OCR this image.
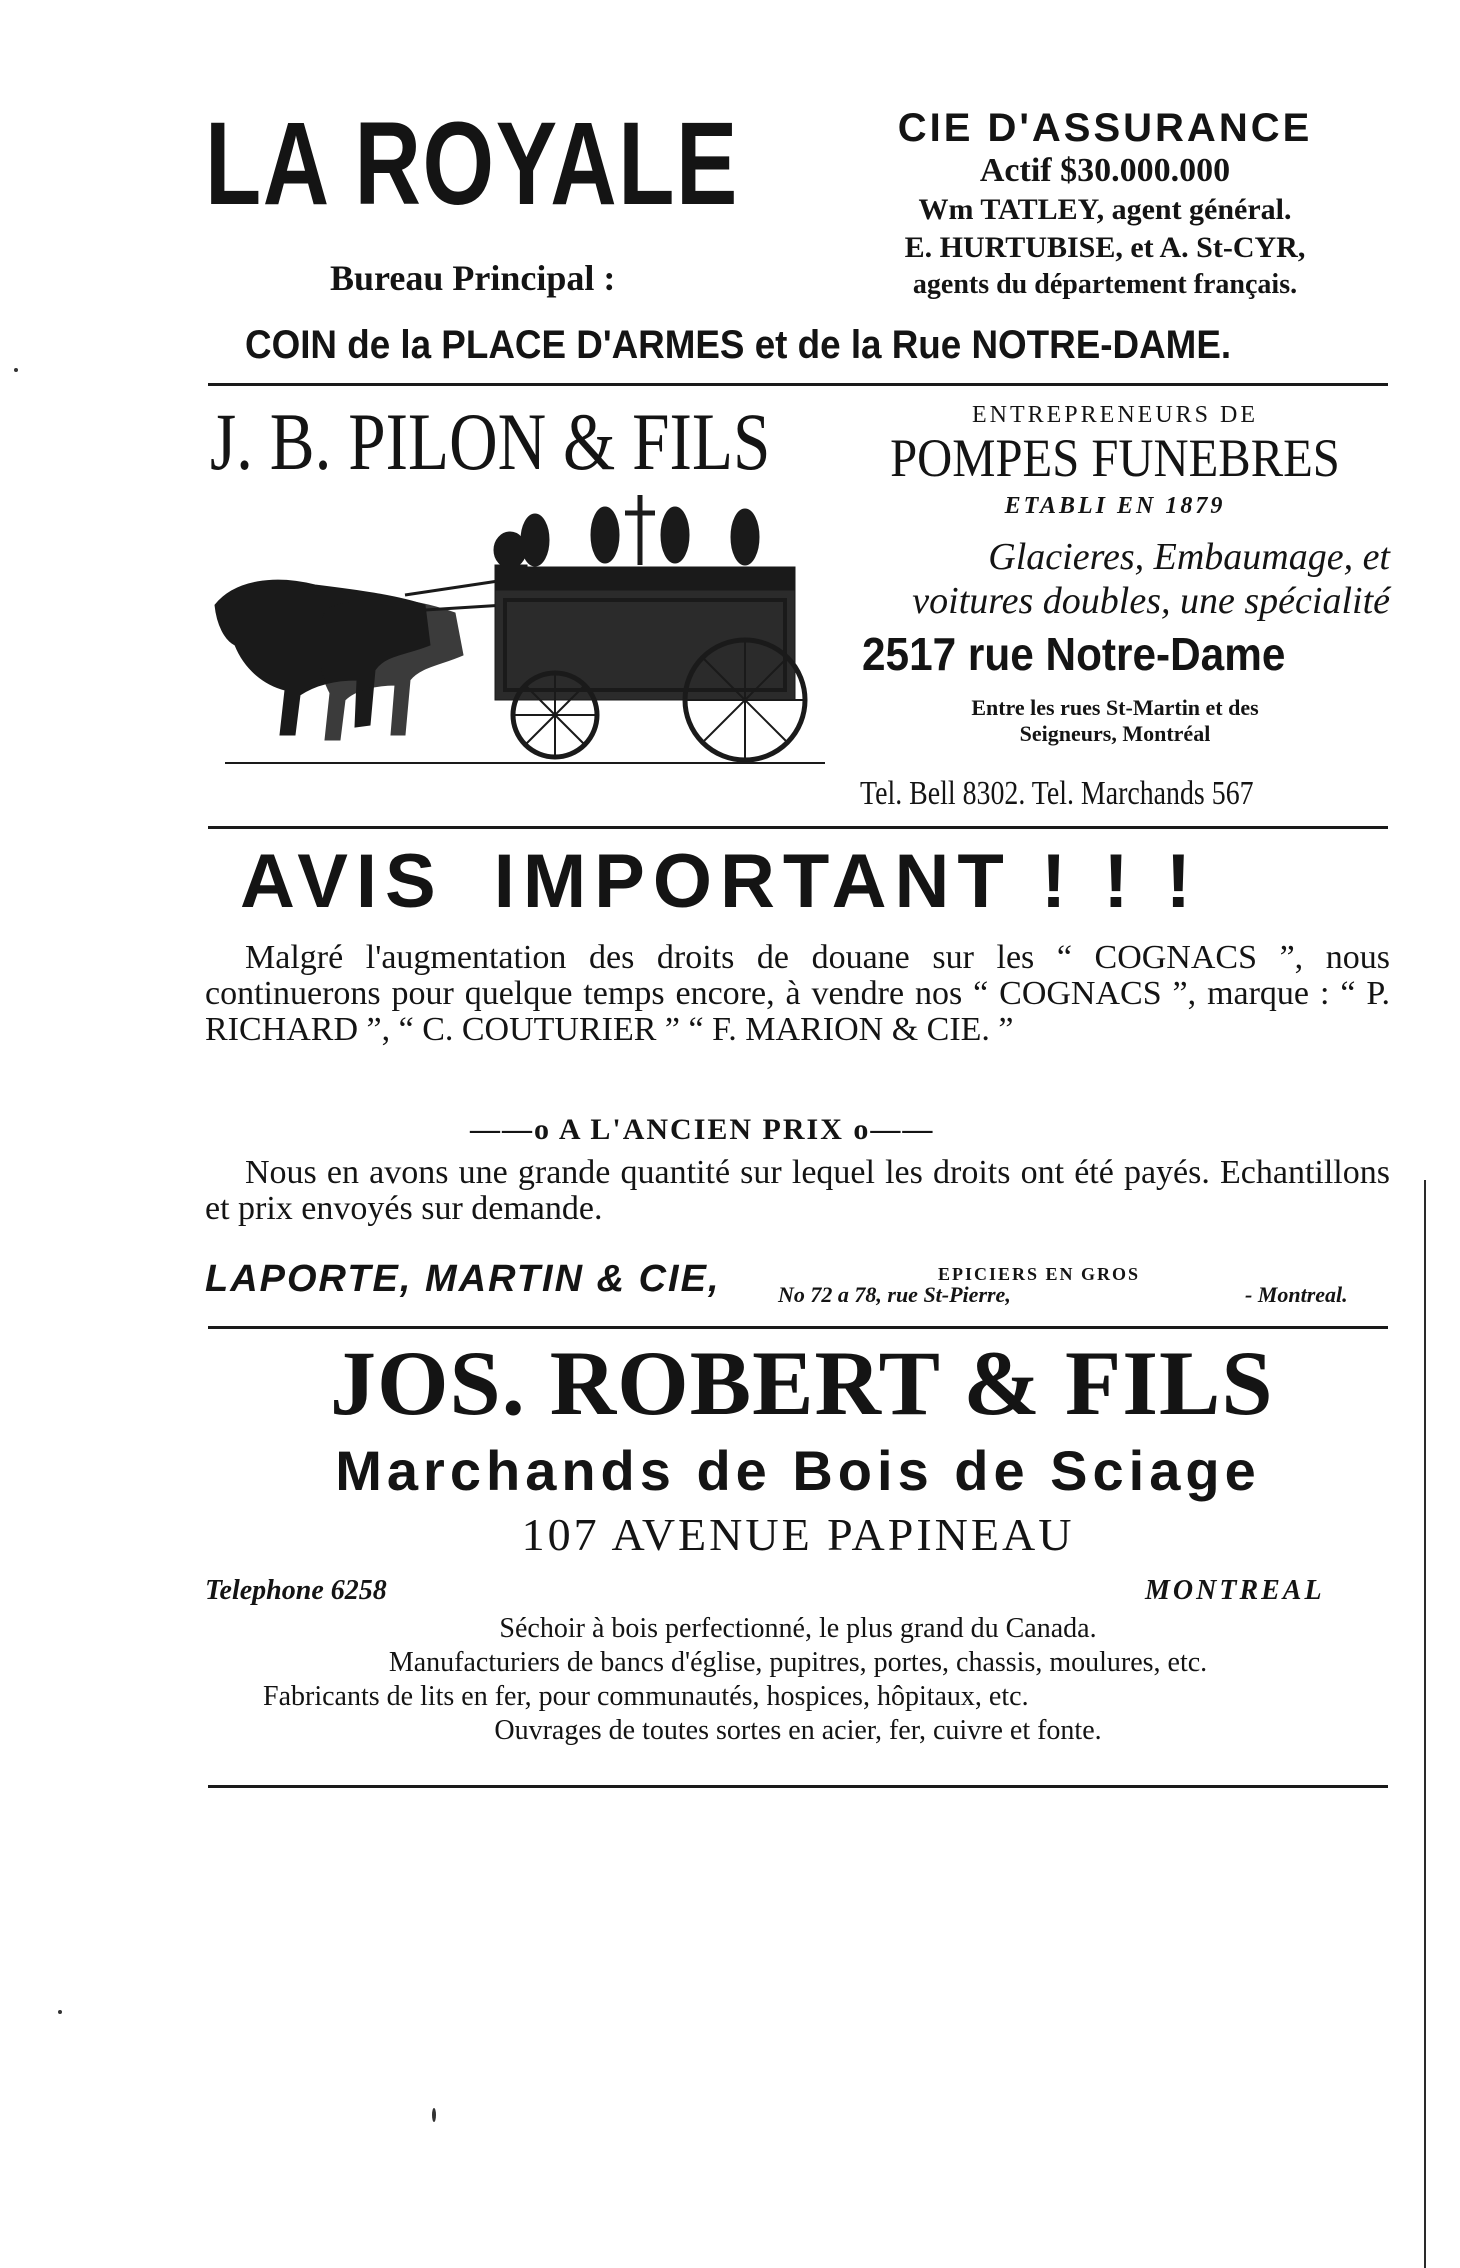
LA ROYALE
Bureau Principal :
CIE D'ASSURANCE
Actif $30.000.000
Wm TATLEY, agent général.
E. HURTUBISE, et A. St-CYR,
agents du département français.
COIN de la PLACE D'ARMES et de la Rue NOTRE-DAME.
J. B. PILON & FILS	ENTREPRENEURS DE
POMPES FUNEBRES
ETABLI EN 1879
Glacieres, Embaumage, et
voitures doubles, une spécialité
2517 rue Notre-Dame
Entre les rues St-Martin et des
Seigneurs, Montréal
Tel. Bell 8302. Tel. Marchands 567
AVIS IMPORTANT ! ! !
Malgré l'augmentation des droits de douane sur les “ COGNACS ”, nous continuerons pour quelque temps encore, à vendre nos “ COGNACS ”, marque : “ P. RICHARD ”, “ C. COUTURIER ” “ F. MARION & CIE. ”
——o A L'ANCIEN PRIX o——
Nous en avons une grande quantité sur lequel les droits ont été payés. Echantillons et prix envoyés sur demande.
LAPORTE, MARTIN & CIE,	EPICIERS EN GROS
No 72 a 78, rue St-Pierre,	- Montreal.
JOS. ROBERT & FILS
Marchands de Bois de Sciage
107 AVENUE PAPINEAU
Telephone 6258	MONTREAL
Séchoir à bois perfectionné, le plus grand du Canada.
Manufacturiers de bancs d'église, pupitres, portes, chassis, moulures, etc.
Fabricants de lits en fer, pour communautés, hospices, hôpitaux, etc.
Ouvrages de toutes sortes en acier, fer, cuivre et fonte.
